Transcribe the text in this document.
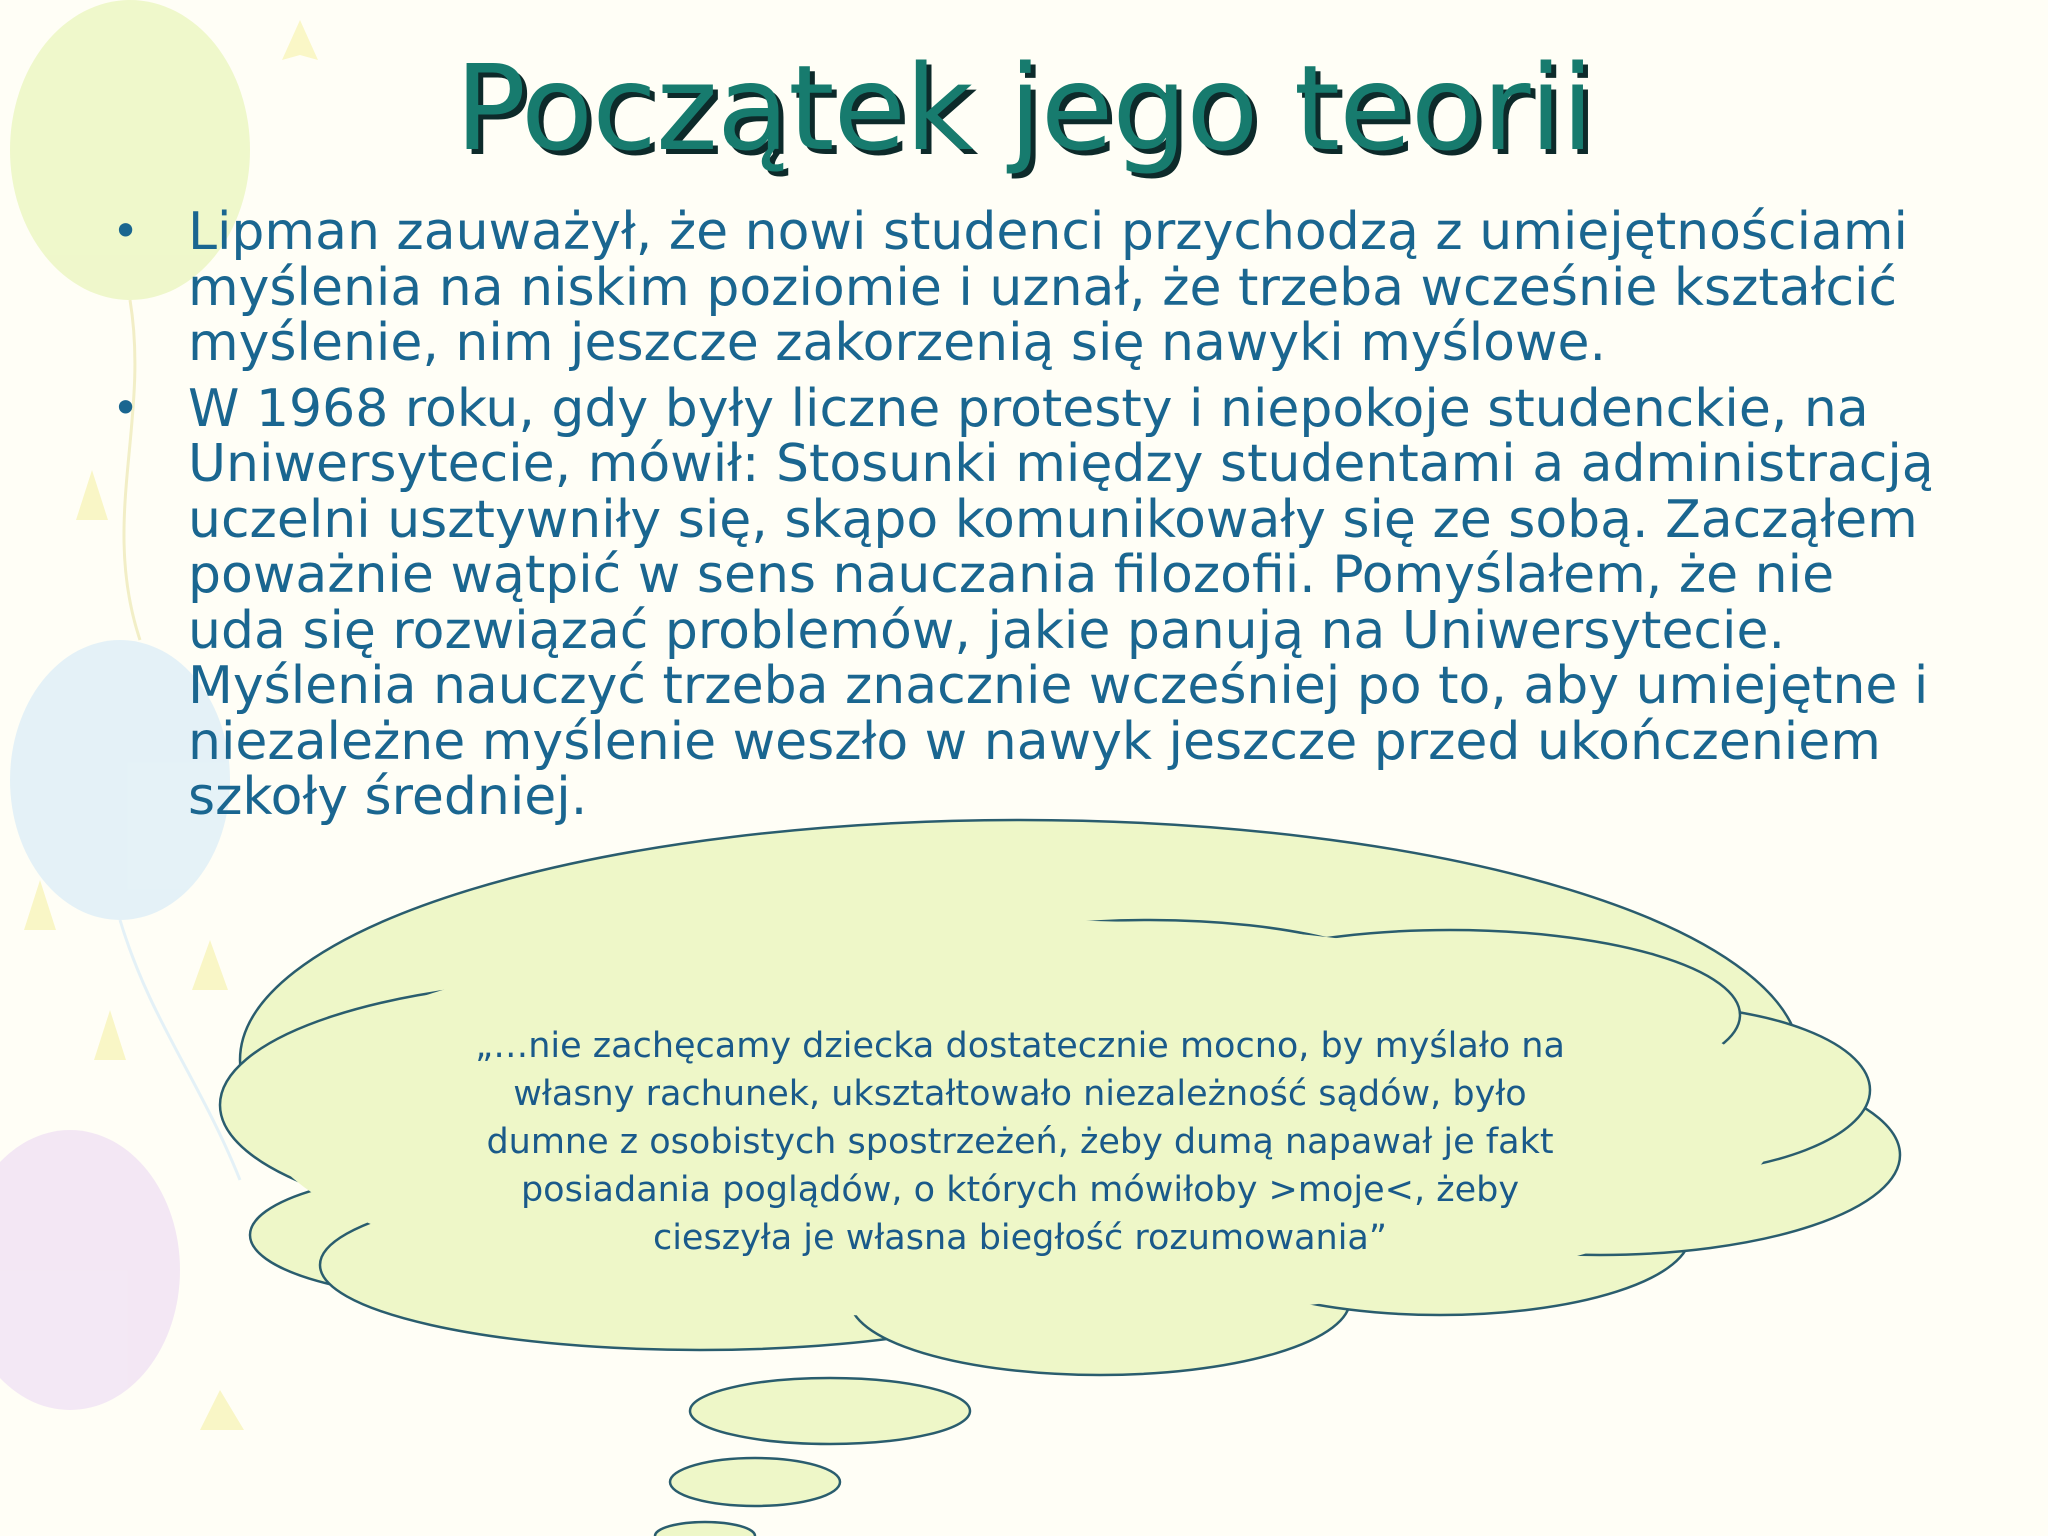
Początek jego teorii
• Lipman zauważył, że nowi studenci przychodzą z umiejętnościami myślenia na niskim poziomie i uznał, że trzeba wcześnie kształcić myślenie, nim jeszcze zakorzenią się nawyki myślowe.
• W 1968 roku, gdy były liczne protesty i niepokoje studenckie, na Uniwersytecie, mówił: Stosunki między studentami a administracją uczelni usztywniły się, skąpo komunikowały się ze sobą. Zacząłem poważnie wątpić w sens nauczania filozofii. Pomyślałem, że nie uda się rozwiązać problemów, jakie panują na Uniwersytecie. Myślenia nauczyć trzeba znacznie wcześniej po to, aby umiejętne i niezależne myślenie weszło w nawyk jeszcze przed ukończeniem szkoły średniej.
„…nie zachęcamy dziecka dostatecznie mocno, by myślało na własny rachunek, ukształtowało niezależność sądów, było dumne z osobistych spostrzeżeń, żeby dumą napawał je fakt posiadania poglądów, o których mówiłoby >moje<, żeby cieszyła je własna biegłość rozumowania”
